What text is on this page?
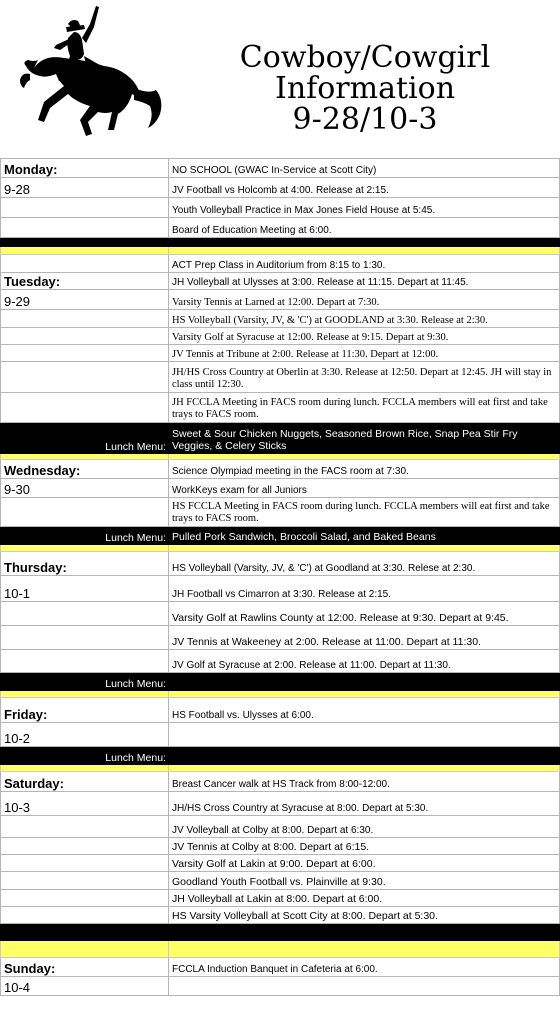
Cowboy/Cowgirl
Information
9-28/10-3
Monday:	NO SCHOOL (GWAC In-Service at Scott City)
9-28	JV Football vs Holcomb at 4:00. Release at 2:15.
	Youth Volleyball Practice in Max Jones Field House at 5:45.
	Board of Education Meeting at 6:00.

	ACT Prep Class in Auditorium from 8:15 to 1:30.
Tuesday:	JH Volleyball at Ulysses at 3:00. Release at 11:15. Depart at 11:45.
9-29	Varsity Tennis at Larned at 12:00. Depart at 7:30.
	HS Volleyball (Varsity, JV, & 'C') at GOODLAND at 3:30. Release at 2:30.
	Varsity Golf at Syracuse at 12:00. Release at 9:15. Depart at 9:30.
	JV Tennis at Tribune at 2:00. Release at 11:30. Depart at 12:00.
	JH/HS Cross Country at Oberlin at 3:30. Release at 12:50. Depart at 12:45. JH will stay in class until 12:30.
	JH FCCLA Meeting in FACS room during lunch. FCCLA members will eat first and take trays to FACS room.
Lunch Menu:	Sweet & Sour Chicken Nuggets, Seasoned Brown Rice, Snap Pea Stir Fry Veggies, & Celery Sticks

Wednesday:	Science Olympiad meeting in the FACS room at 7:30.
9-30	WorkKeys exam for all Juniors
	HS FCCLA Meeting in FACS room during lunch. FCCLA members will eat first and take trays to FACS room.
Lunch Menu:	Pulled Pork Sandwich, Broccoli Salad, and Baked Beans

Thursday:	HS Volleyball (Varsity, JV, & 'C') at Goodland at 3:30. Relese at 2:30.
10-1	JH Football vs Cimarron at 3:30. Release at 2:15.
	Varsity Golf at Rawlins County at 12:00. Release at 9:30. Depart at 9:45.
	JV Tennis at Wakeeney at 2:00. Release at 11:00. Depart at 11:30.
	JV Golf at Syracuse at 2:00. Release at 11:00. Depart at 11:30.
Lunch Menu:	

Friday:	HS Football vs. Ulysses at 6:00.
10-2	
Lunch Menu:	

Saturday:	Breast Cancer walk at HS Track from 8:00-12:00.
10-3	JH/HS Cross Country at Syracuse at 8:00. Depart at 5:30.
	JV Volleyball at Colby at 8:00. Depart at 6:30.
	JV Tennis at Colby at 8:00. Depart at 6:15.
	Varsity Golf at Lakin at 9:00. Depart at 6:00.
	Goodland Youth Football vs. Plainville at 9:30.
	JH Volleyball at Lakin at 8:00. Depart at 6:00.
	HS Varsity Volleyball at Scott City at 8:00. Depart at 5:30.

Sunday:	FCCLA Induction Banquet in Cafeteria at 6:00.
10-4	
